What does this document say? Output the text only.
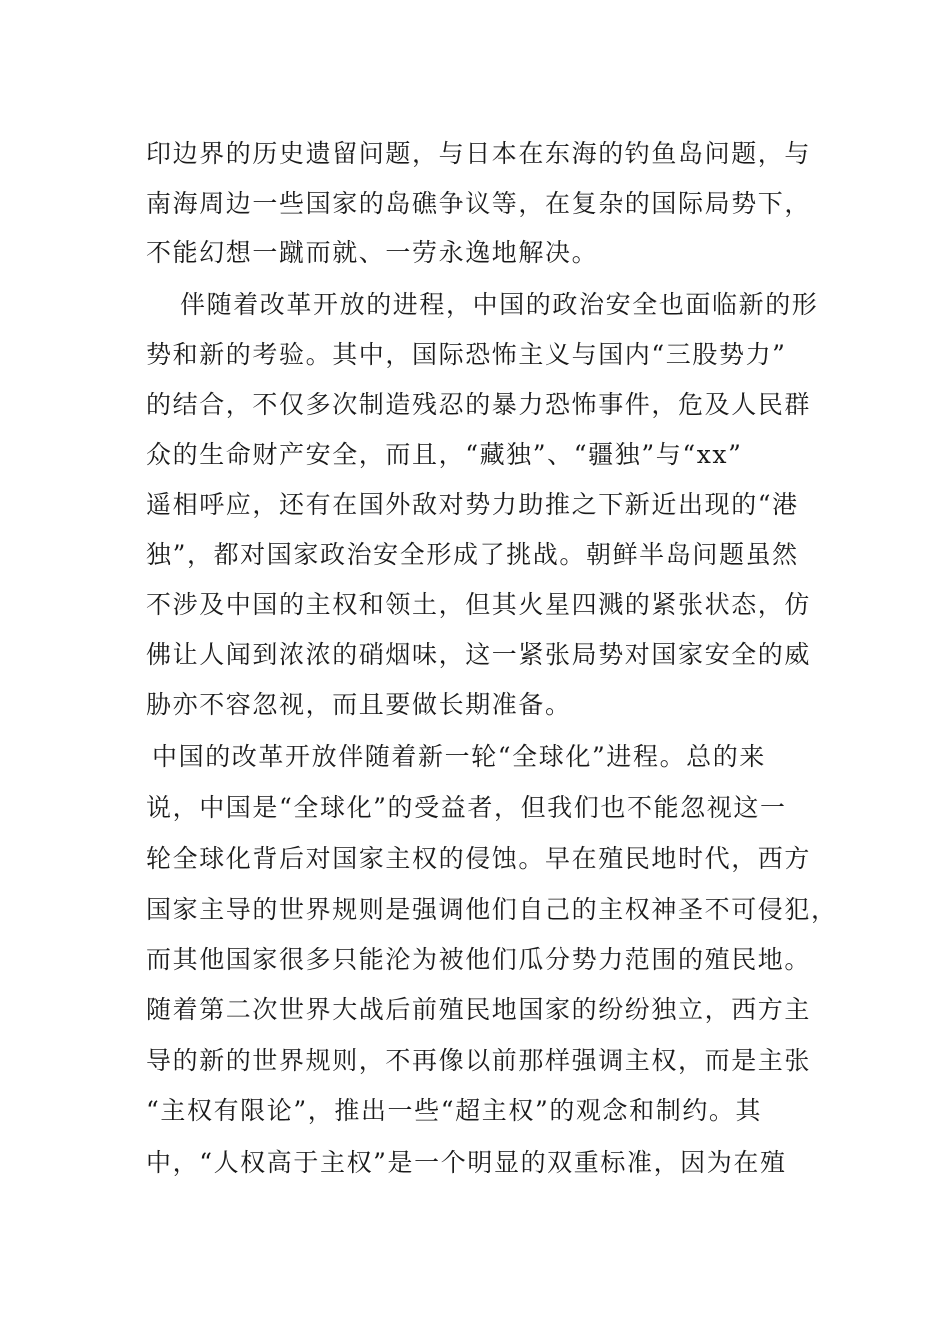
印边界的历史遗留问题，与日本在东海的钓鱼岛问题，与
南海周边一些国家的岛礁争议等，在复杂的国际局势下，
不能幻想一蹴而就、一劳永逸地解决。
伴随着改革开放的进程，中国的政治安全也面临新的形
势和新的考验。其中，国际恐怖主义与国内“三股势力”
的结合，不仅多次制造残忍的暴力恐怖事件，危及人民群
众的生命财产安全，而且，“藏独”、“疆独”与“xx”
遥相呼应，还有在国外敌对势力助推之下新近出现的“港
独”，都对国家政治安全形成了挑战。朝鲜半岛问题虽然
不涉及中国的主权和领土，但其火星四溅的紧张状态，仿
佛让人闻到浓浓的硝烟味，这一紧张局势对国家安全的威
胁亦不容忽视，而且要做长期准备。
中国的改革开放伴随着新一轮“全球化”进程。总的来
说，中国是“全球化”的受益者，但我们也不能忽视这一
轮全球化背后对国家主权的侵蚀。早在殖民地时代，西方
国家主导的世界规则是强调他们自己的主权神圣不可侵犯，
而其他国家很多只能沦为被他们瓜分势力范围的殖民地。
随着第二次世界大战后前殖民地国家的纷纷独立，西方主
导的新的世界规则，不再像以前那样强调主权，而是主张
“主权有限论”，推出一些“超主权”的观念和制约。其
中，“人权高于主权”是一个明显的双重标准，因为在殖
